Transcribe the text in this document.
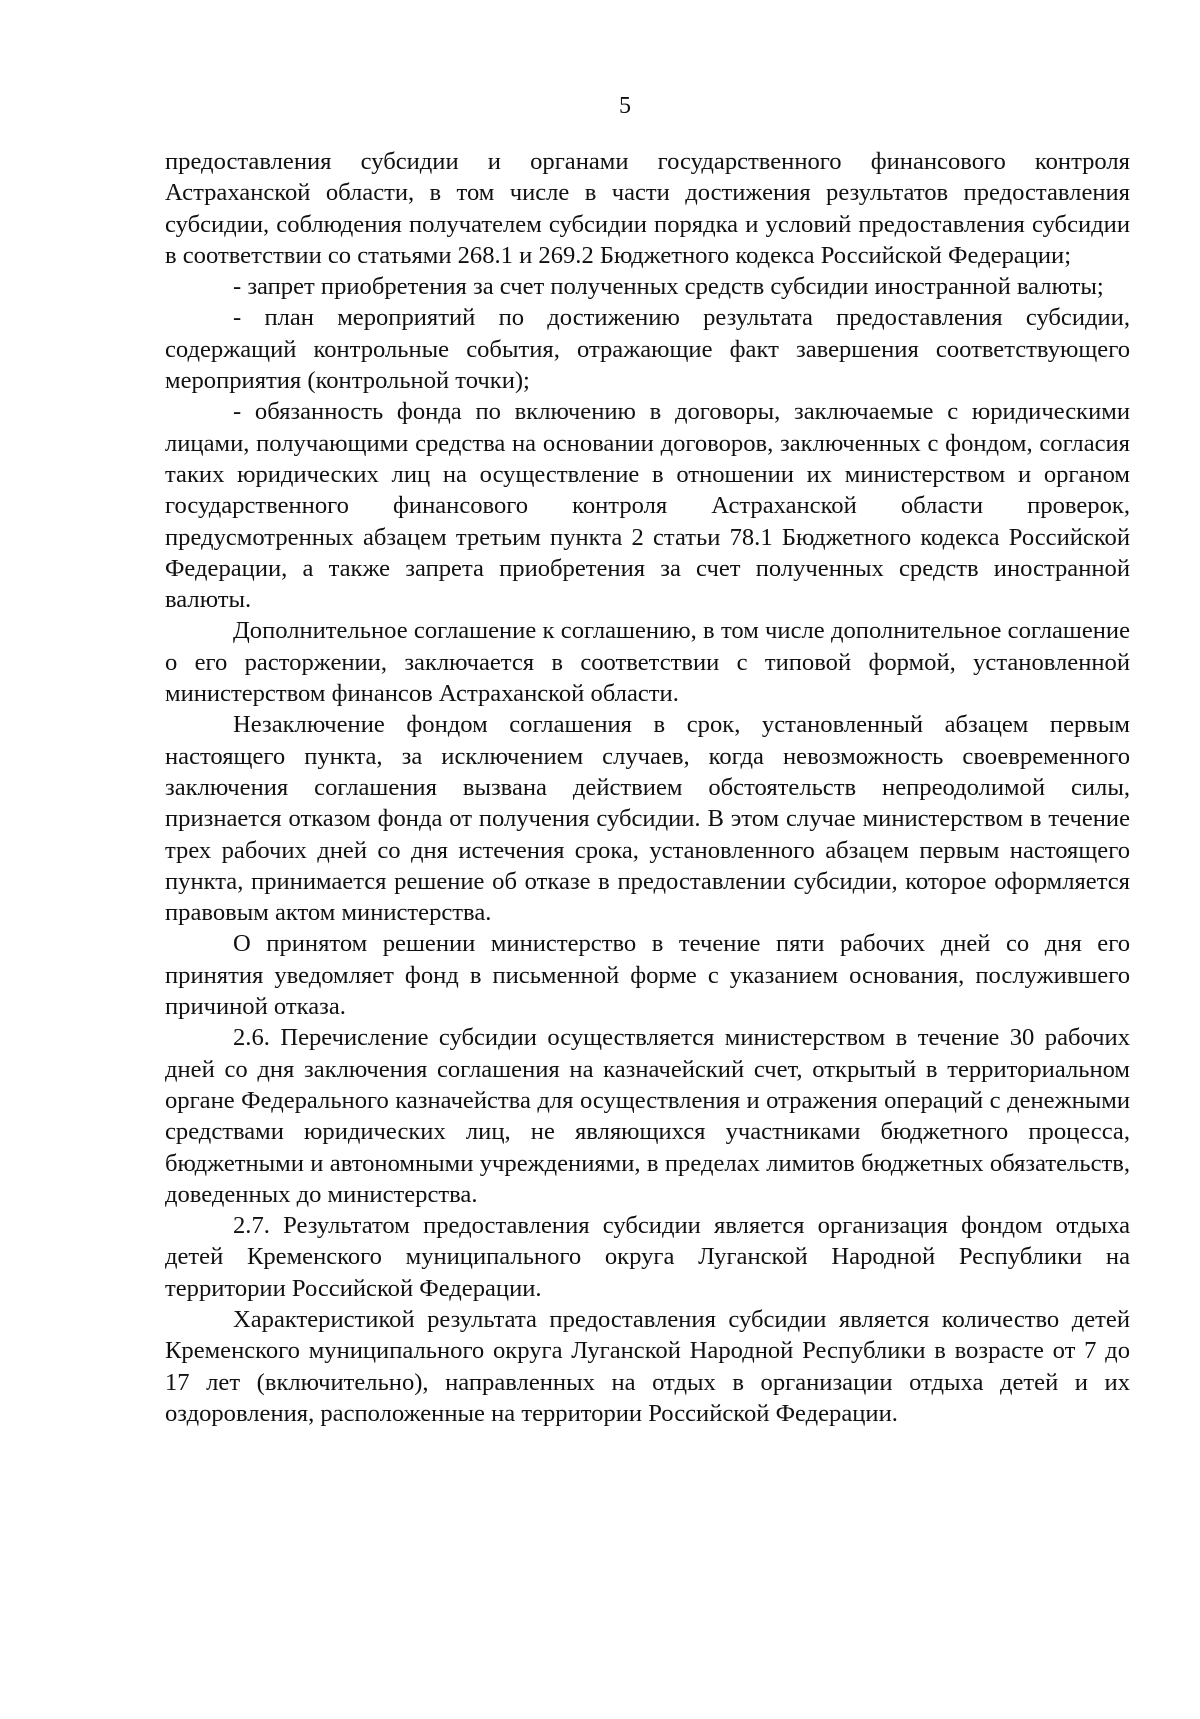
5

предоставления субсидии и органами государственного финансового контроля Астраханской области, в том числе в части достижения результатов предоставления субсидии, соблюдения получателем субсидии порядка и условий предоставления субсидии в соответствии со статьями 268.1 и 269.2 Бюджетного кодекса Российской Федерации;

- запрет приобретения за счет полученных средств субсидии иностранной валюты;

- план мероприятий по достижению результата предоставления субсидии, содержащий контрольные события, отражающие факт завершения соответствующего мероприятия (контрольной точки);

- обязанность фонда по включению в договоры, заключаемые с юридическими лицами, получающими средства на основании договоров, заключенных с фондом, согласия таких юридических лиц на осуществление в отношении их министерством и органом государственного финансового контроля Астраханской области проверок, предусмотренных абзацем третьим пункта 2 статьи 78.1 Бюджетного кодекса Российской Федерации, а также запрета приобретения за счет полученных средств иностранной валюты.

Дополнительное соглашение к соглашению, в том числе дополнительное соглашение о его расторжении, заключается в соответствии с типовой формой, установленной министерством финансов Астраханской области.

Незаключение фондом соглашения в срок, установленный абзацем первым настоящего пункта, за исключением случаев, когда невозможность своевременного заключения соглашения вызвана действием обстоятельств непреодолимой силы, признается отказом фонда от получения субсидии. В этом случае министерством в течение трех рабочих дней со дня истечения срока, установленного абзацем первым настоящего пункта, принимается решение об отказе в предоставлении субсидии, которое оформляется правовым актом министерства.

О принятом решении министерство в течение пяти рабочих дней со дня его принятия уведомляет фонд в письменной форме с указанием основания, послужившего причиной отказа.

2.6. Перечисление субсидии осуществляется министерством в течение 30 рабочих дней со дня заключения соглашения на казначейский счет, открытый в территориальном органе Федерального казначейства для осуществления и отражения операций с денежными средствами юридических лиц, не являющихся участниками бюджетного процесса, бюджетными и автономными учреждениями, в пределах лимитов бюджетных обязательств, доведенных до министерства.

2.7. Результатом предоставления субсидии является организация фондом отдыха детей Кременского муниципального округа Луганской Народной Республики на территории Российской Федерации.

Характеристикой результата предоставления субсидии является количество детей Кременского муниципального округа Луганской Народной Республики в возрасте от 7 до 17 лет (включительно), направленных на отдых в организации отдыха детей и их оздоровления, расположенные на территории Российской Федерации.
